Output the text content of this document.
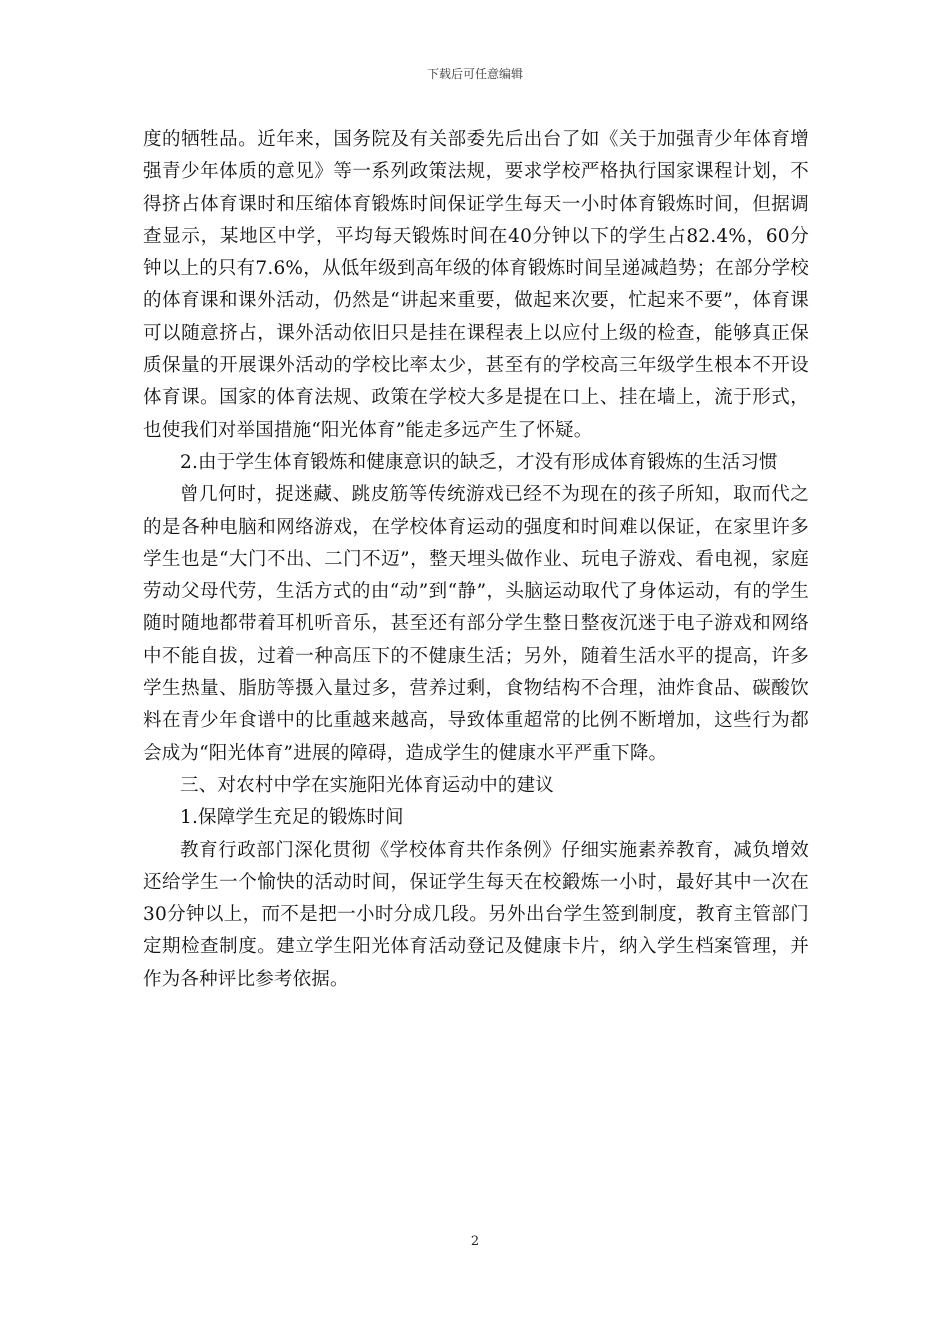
下载后可任意编辑

度的牺牲品。近年来，国务院及有关部委先后出台了如《关于加强青少年体育增强青少年体质的意见》等一系列政策法规，要求学校严格执行国家课程计划，不得挤占体育课时和压缩体育锻炼时间保证学生每天一小时体育锻炼时间，但据调查显示，某地区中学，平均每天锻炼时间在40分钟以下的学生占82.4%，60分钟以上的只有7.6%，从低年级到高年级的体育锻炼时间呈递减趋势；在部分学校的体育课和课外活动，仍然是“讲起来重要，做起来次要，忙起来不要”，体育课可以随意挤占，课外活动依旧只是挂在课程表上以应付上级的检查，能够真正保质保量的开展课外活动的学校比率太少，甚至有的学校高三年级学生根本不开设体育课。国家的体育法规、政策在学校大多是提在口上、挂在墙上，流于形式，也使我们对举国措施“阳光体育”能走多远产生了怀疑。

2.由于学生体育锻炼和健康意识的缺乏，才没有形成体育锻炼的生活习惯

曾几何时，捉迷藏、跳皮筋等传统游戏已经不为现在的孩子所知，取而代之的是各种电脑和网络游戏，在学校体育运动的强度和时间难以保证，在家里许多学生也是“大门不出、二门不迈”，整天埋头做作业、玩电子游戏、看电视，家庭劳动父母代劳，生活方式的由“动”到“静”，头脑运动取代了身体运动，有的学生随时随地都带着耳机听音乐，甚至还有部分学生整日整夜沉迷于电子游戏和网络中不能自拔，过着一种高压下的不健康生活；另外，随着生活水平的提高，许多学生热量、脂肪等摄入量过多，营养过剩，食物结构不合理，油炸食品、碳酸饮料在青少年食谱中的比重越来越高，导致体重超常的比例不断增加，这些行为都会成为“阳光体育”进展的障碍，造成学生的健康水平严重下降。

三、对农村中学在实施阳光体育运动中的建议

1.保障学生充足的锻炼时间

教育行政部门深化贯彻《学校体育共作条例》仔细实施素养教育，减负增效还给学生一个愉快的活动时间，保证学生每天在校鍛炼一小时，最好其中一次在30分钟以上，而不是把一小时分成几段。另外出台学生签到制度，教育主管部门定期检查制度。建立学生阳光体育活动登记及健康卡片，纳入学生档案管理，并作为各种评比参考依据。

2
